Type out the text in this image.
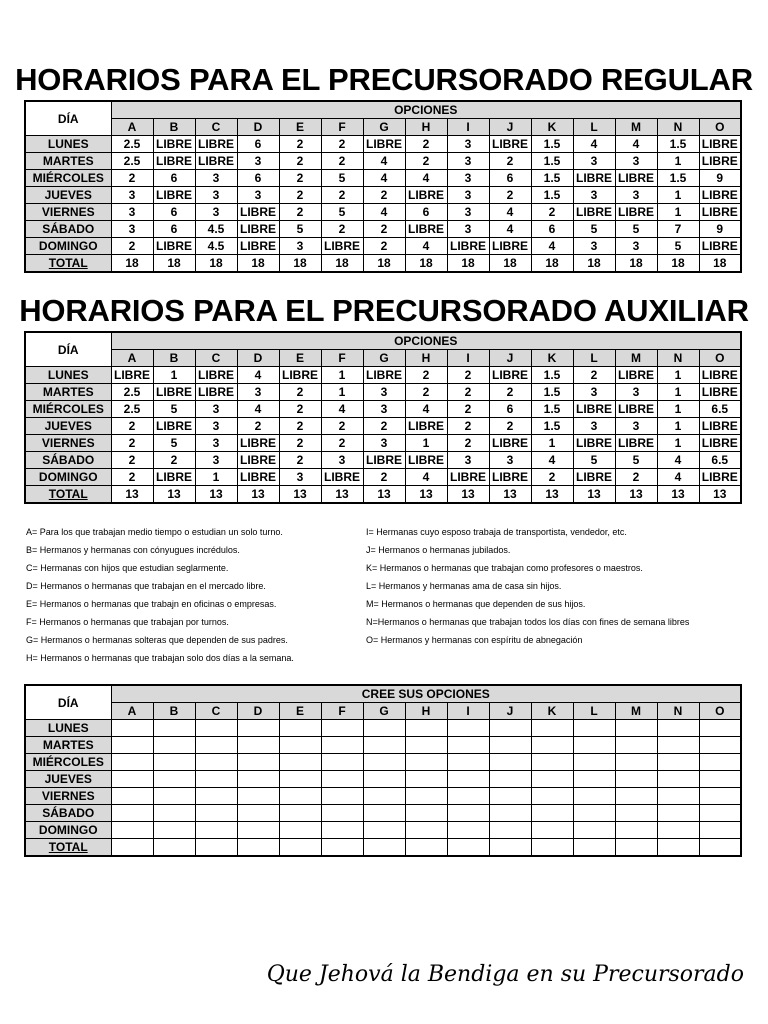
HORARIOS PARA EL PRECURSORADO REGULAR
DÍA	OPCIONES														
	A	B	C	D	E	F	G	H	I	J	K	L	M	N	O
LUNES	2.5	LIBRE	LIBRE	6	2	2	LIBRE	2	3	LIBRE	1.5	4	4	1.5	LIBRE
MARTES	2.5	LIBRE	LIBRE	3	2	2	4	2	3	2	1.5	3	3	1	LIBRE
MIÉRCOLES	2	6	3	6	2	5	4	4	3	6	1.5	LIBRE	LIBRE	1.5	9
JUEVES	3	LIBRE	3	3	2	2	2	LIBRE	3	2	1.5	3	3	1	LIBRE
VIERNES	3	6	3	LIBRE	2	5	4	6	3	4	2	LIBRE	LIBRE	1	LIBRE
SÁBADO	3	6	4.5	LIBRE	5	2	2	LIBRE	3	4	6	5	5	7	9
DOMINGO	2	LIBRE	4.5	LIBRE	3	LIBRE	2	4	LIBRE	LIBRE	4	3	3	5	LIBRE
TOTAL	18	18	18	18	18	18	18	18	18	18	18	18	18	18	18
HORARIOS PARA EL PRECURSORADO AUXILIAR
DÍA	OPCIONES														
	A	B	C	D	E	F	G	H	I	J	K	L	M	N	O
LUNES	LIBRE	1	LIBRE	4	LIBRE	1	LIBRE	2	2	LIBRE	1.5	2	LIBRE	1	LIBRE
MARTES	2.5	LIBRE	LIBRE	3	2	1	3	2	2	2	1.5	3	3	1	LIBRE
MIÉRCOLES	2.5	5	3	4	2	4	3	4	2	6	1.5	LIBRE	LIBRE	1	6.5
JUEVES	2	LIBRE	3	2	2	2	2	LIBRE	2	2	1.5	3	3	1	LIBRE
VIERNES	2	5	3	LIBRE	2	2	3	1	2	LIBRE	1	LIBRE	LIBRE	1	LIBRE
SÁBADO	2	2	3	LIBRE	2	3	LIBRE	LIBRE	3	3	4	5	5	4	6.5
DOMINGO	2	LIBRE	1	LIBRE	3	LIBRE	2	4	LIBRE	LIBRE	2	LIBRE	2	4	LIBRE
TOTAL	13	13	13	13	13	13	13	13	13	13	13	13	13	13	13
A= Para los que trabajan medio tiempo o estudian un solo turno.
B= Hermanos y hermanas con cónyugues incrédulos.
C= Hermanas con hijos que estudian seglarmente.
D= Hermanos o hermanas que trabajan en el mercado libre.
E= Hermanos o hermanas que trabajn en oficinas o empresas.
F= Hermanos o hermanas que trabajan por turnos.
G= Hermanos o hermanas solteras que dependen de sus padres.
H= Hermanos o hermanas que trabajan solo dos días a la semana.
I= Hermanas cuyo esposo trabaja de transportista, vendedor, etc.
J= Hermanos o hermanas jubilados.
K= Hermanos o hermanas que trabajan como profesores o maestros.
L= Hermanos y hermanas ama de casa sin hijos.
M= Hermanos o hermanas que dependen de sus hijos.
N=Hermanos o hermanas que trabajan todos los días con fines de semana libres
O= Hermanos y hermanas con espíritu de abnegación
DÍA	CREE SUS OPCIONES														
	A	B	C	D	E	F	G	H	I	J	K	L	M	N	O
LUNES															
MARTES															
MIÉRCOLES															
JUEVES															
VIERNES															
SÁBADO															
DOMINGO															
TOTAL															
Que Jehová la Bendiga en su Precursorado
